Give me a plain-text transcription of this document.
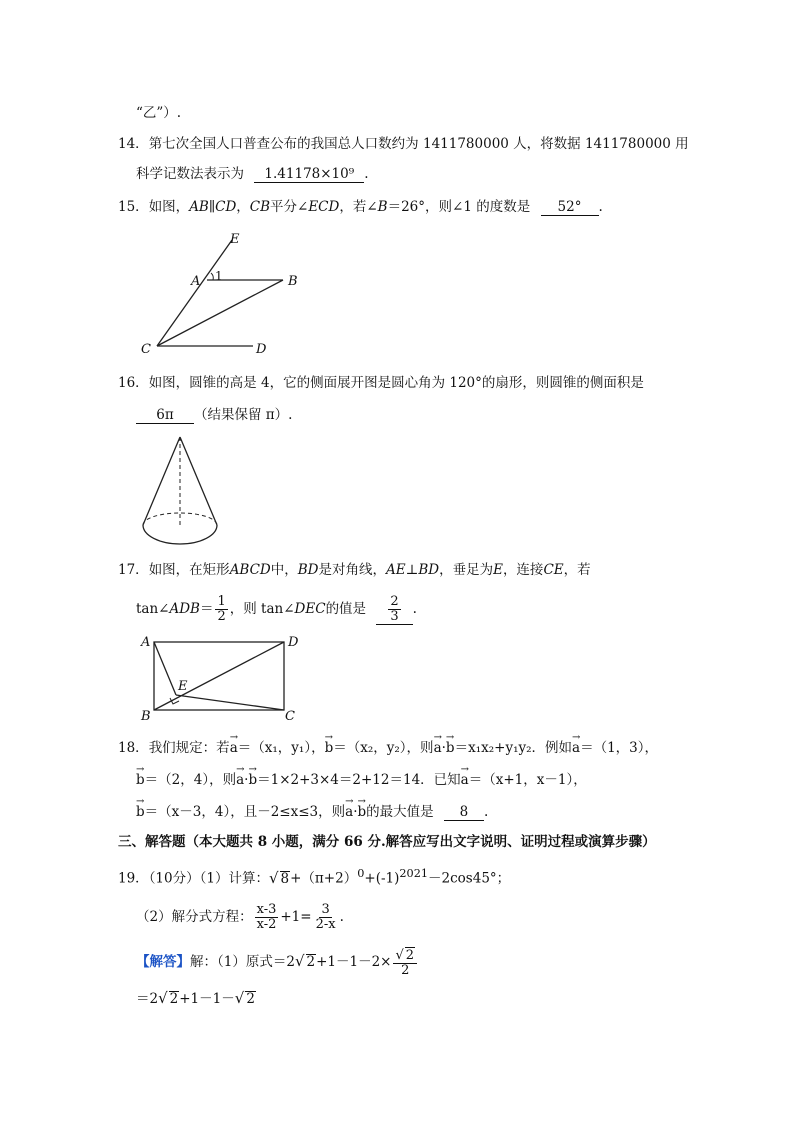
“乙”）.
14．第七次全国人口普查公布的我国总人口数约为 1411780000 人，将数据 1411780000 用
科学记数法表示为 1.41178×10⁹ .
15．如图，AB∥CD，CB平分∠ECD，若∠B＝26°，则∠1 的度数是 52° .
E
A 1	B
C	D
16．如图，圆锥的高是 4，它的侧面展开图是圆心角为 120°的扇形，则圆锥的侧面积是
6π （结果保留 π）.
17．如图，在矩形ABCD中，BD是对角线，AE⊥BD，垂足为E，连接CE，若
tan∠ADB＝ $\frac{1}{2}$ ，则 tan∠DEC的值是 $\frac{2}{3}$ .
A	D
E
B	C
18．我们规定：若→ a＝（x₁，y₁），→ b＝（x₂，y₂），则→ a·→ b＝x₁x₂+y₁y₂．例如→ a＝（1，3），
→ b＝（2，4），则→ a·→ b＝1×2+3×4＝2+12＝14．已知→ a＝（x+1，x－1），
→ b＝（x－3，4），且－2≤x≤3，则→ a·→ b的最大值是 8 .
三、解答题（本大题共 8 小题，满分 66 分.解答应写出文字说明、证明过程或演算步骤）
19．（10分）（1）计算：√ $8+(\pi+2)^0+(-1)^{2021}-2\cos 45^\circ$；
（2）解分式方程： $\frac{x-3}{x-2} +1= \frac{3}{2-x}$ .
【解答】解：（1）原式＝2√ $2+1-1-2\times \frac{√ 2}{2}$
＝2√ 2+1－1－√ 2
